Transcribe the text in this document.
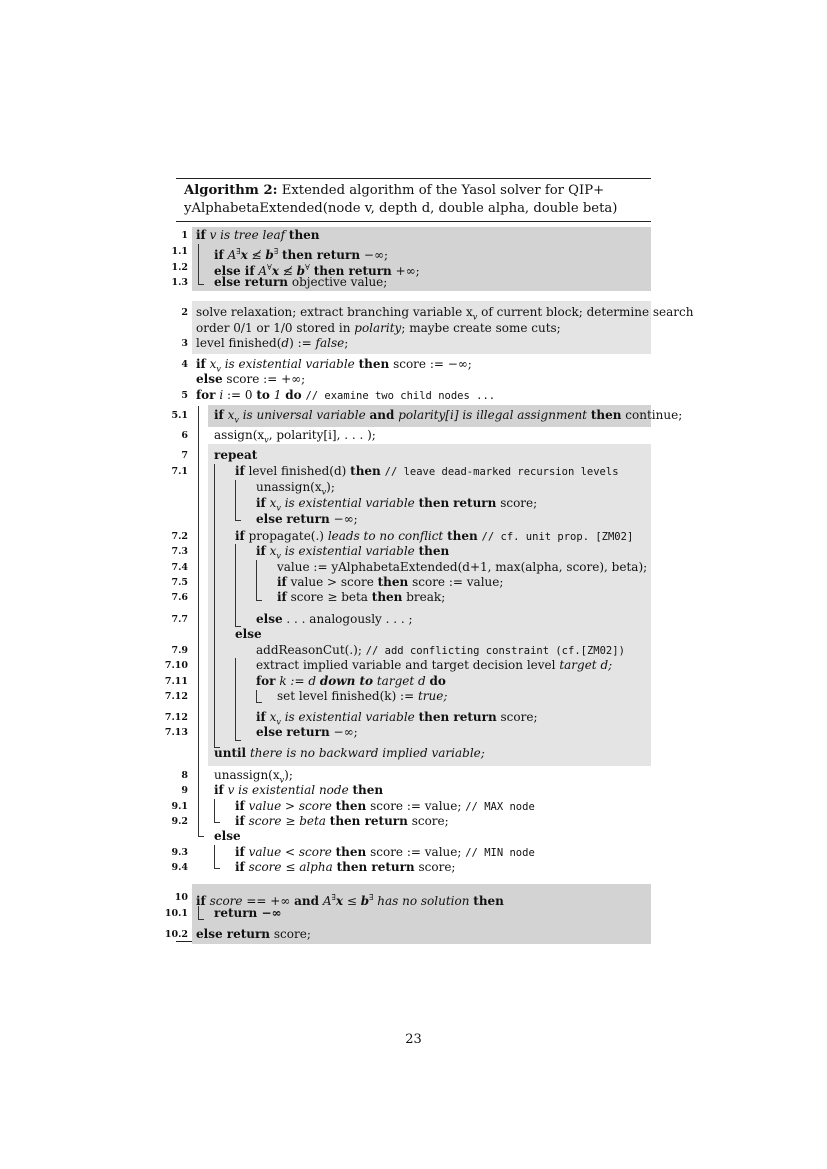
Algorithm 2: Extended algorithm of the Yasol solver for QIP+
yAlphabetaExtended(node v, depth d, double alpha, double beta)
1
1.1
1.2
1.3
2
3
4
5
5.1
6
7
7.1
7.2
7.3
7.4
7.5
7.6
7.7
7.9
7.10
7.11
7.12
7.12
7.13
8
9
9.1
9.2
9.3
9.4
10
10.1
10.2
if v is tree leaf then
if A∃x ≰ b∃ then return −∞;
else if A∀x ≰ b∀ then return +∞;
else return objective value;
solve relaxation; extract branching variable $x_v$ of current block; determine search
order 0/1 or 1/0 stored in polarity; maybe create some cuts;
level finished(d) := false;
if $x_v$ is existential variable then score := −∞;
else score := +∞;
for i := 0 to 1 do // examine two child nodes ...
if $x_v$ is universal variable and polarity[i] is illegal assignment then continue;
$assign(x_v$, polarity[i], . . . );
repeat
if level finished(d) then // leave dead-marked recursion levels
$unassign(x_v)$;
if $x_v$ is existential variable then return score;
else return −∞;
if propagate(.) leads to no conflict then // cf. unit prop. [ZM02]
if $x_v$ is existential variable then
value := yAlphabetaExtended(d+1, max(alpha, score), beta);
if value > score then score := value;
if score ≥ beta then break;
else . . . analogously . . . ;
else
addReasonCut(.); // add conflicting constraint (cf.[ZM02])
extract implied variable and target decision level target d;
for k := d down to target d do
set level finished(k) := true;
if $x_v$ is existential variable then return score;
else return −∞;
until there is no backward implied variable;
$unassign(x_v)$;
if v is existential node then
if value > score then score := value; // MAX node
if score ≥ beta then return score;
else
if value < score then score := value; // MIN node
if score ≤ alpha then return score;
if score == +∞ and A∃x ≤ b∃ has no solution then
return −∞
else return score;
23
